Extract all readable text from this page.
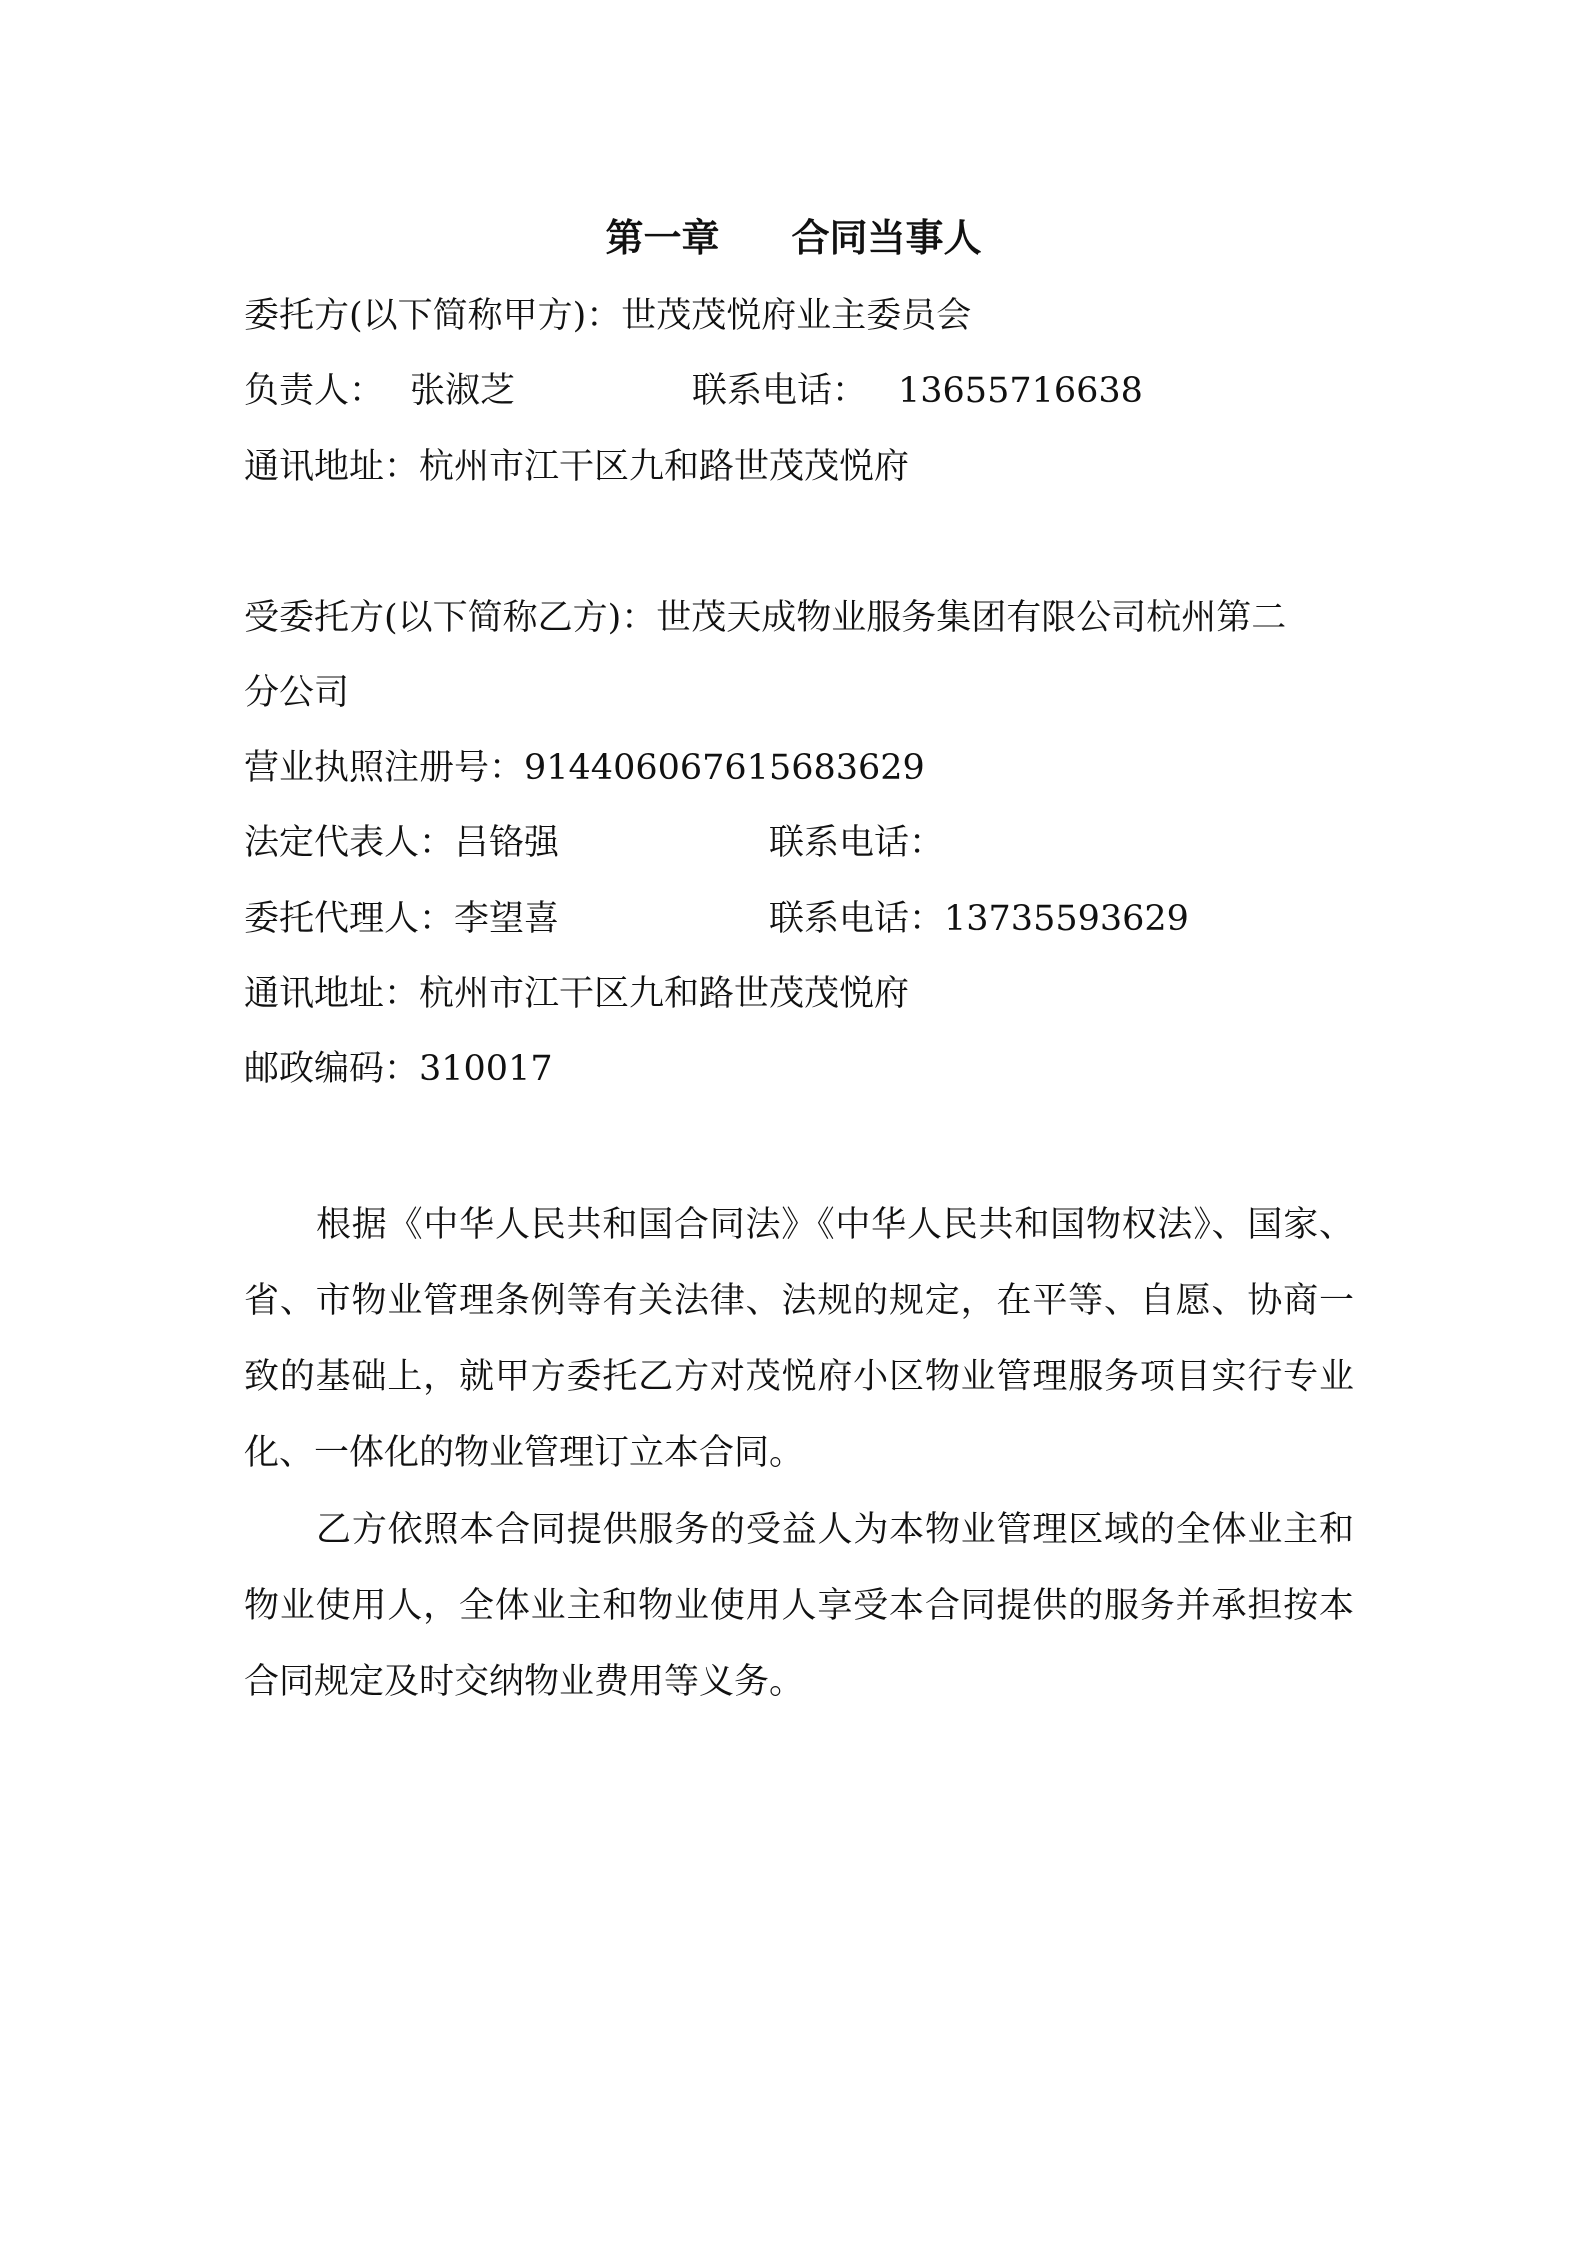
第一章 合同当事人
委托方(以下简称甲方)：世茂茂悦府业主委员会
负责人： 张淑芝	联系电话： 13655716638
通讯地址：杭州市江干区九和路世茂茂悦府
受委托方(以下简称乙方)：世茂天成物业服务集团有限公司杭州第二
分公司
营业执照注册号：914406067615683629
法定代表人：吕铬强	联系电话：
委托代理人：李望喜	联系电话：13735593629
通讯地址：杭州市江干区九和路世茂茂悦府
邮政编码：310017

根据《中华人民共和国合同法》《中华人民共和国物权法》、国家、省、市物业管理条例等有关法律、法规的规定，在平等、自愿、协商一致的基础上，就甲方委托乙方对茂悦府小区物业管理服务项目实行专业化、一体化的物业管理订立本合同。

乙方依照本合同提供服务的受益人为本物业管理区域的全体业主和物业使用人，全体业主和物业使用人享受本合同提供的服务并承担按本合同规定及时交纳物业费用等义务。
